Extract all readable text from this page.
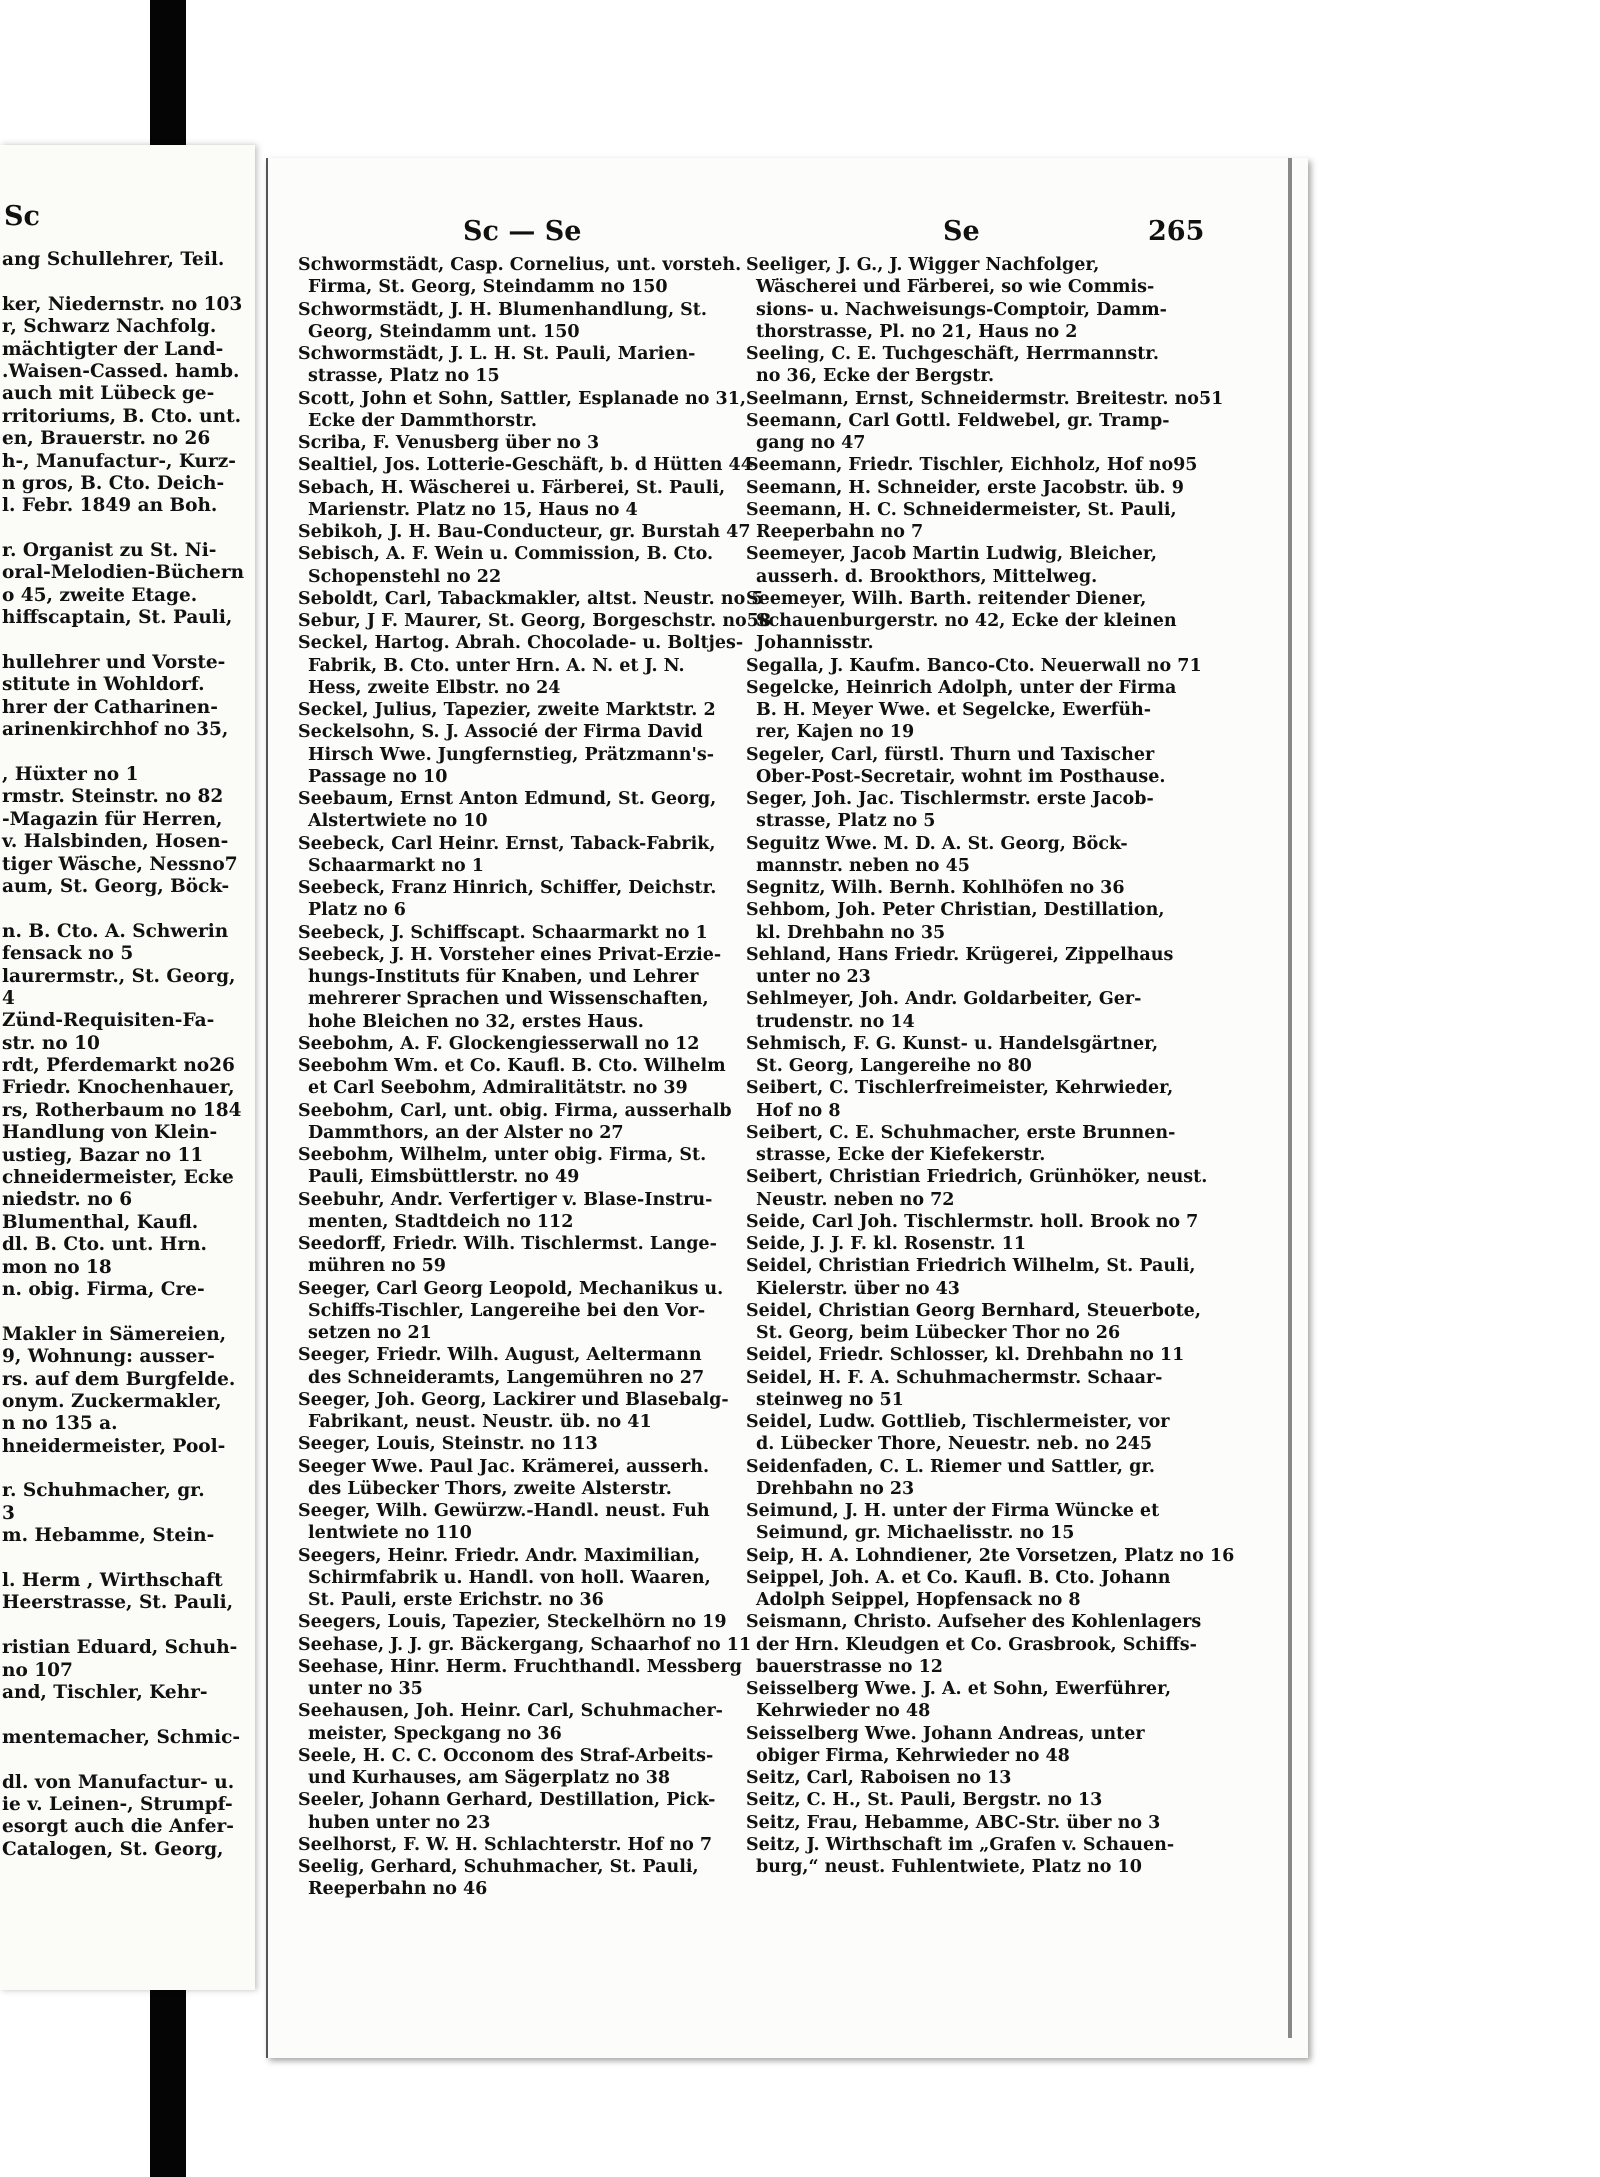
Sc
ang Schullehrer, Teil.
ker, Niedernstr. no 103
r, Schwarz Nachfolg.
mächtigter der Land-
.Waisen-Cassed. hamb.
auch mit Lübeck ge-
rritoriums, B. Cto. unt.
en, Brauerstr. no 26
h-, Manufactur-, Kurz-
n gros, B. Cto. Deich-
l. Febr. 1849 an Boh.
r. Organist zu St. Ni-
oral-Melodien-Büchern
o 45, zweite Etage.
hiffscaptain, St. Pauli,
hullehrer und Vorste-
stitute in Wohldorf.
hrer der Catharinen-
arinenkirchhof no 35,
, Hüxter no 1
rmstr. Steinstr. no 82
-Magazin für Herren,
v. Halsbinden, Hosen-
tiger Wäsche, Nessno7
aum, St. Georg, Böck-
n. B. Cto. A. Schwerin
fensack no 5
laurermstr., St. Georg,
4
Zünd-Requisiten-Fa-
str. no 10
rdt, Pferdemarkt no26
Friedr. Knochenhauer,
rs, Rotherbaum no 184
Handlung von Klein-
ustieg, Bazar no 11
chneidermeister, Ecke
niedstr. no 6
Blumenthal, Kaufl.
dl. B. Cto. unt. Hrn.
mon no 18
n. obig. Firma, Cre-
Makler in Sämereien,
9, Wohnung: ausser-
rs. auf dem Burgfelde.
onym. Zuckermakler,
n no 135 a.
hneidermeister, Pool-
r. Schuhmacher, gr.
3
m. Hebamme, Stein-
l. Herm , Wirthschaft
Heerstrasse, St. Pauli,
ristian Eduard, Schuh-
no 107
and, Tischler, Kehr-
mentemacher, Schmic-
dl. von Manufactur- u.
ie v. Leinen-, Strumpf-
esorgt auch die Anfer-
Catalogen, St. Georg,
Sc — Se	Se	265
Schwormstädt, Casp. Cornelius, unt. vorsteh.
Firma, St. Georg, Steindamm no 150
Schwormstädt, J. H. Blumenhandlung, St.
Georg, Steindamm unt. 150
Schwormstädt, J. L. H. St. Pauli, Marien-
strasse, Platz no 15
Scott, John et Sohn, Sattler, Esplanade no 31,
Ecke der Dammthorstr.
Scriba, F. Venusberg über no 3
Sealtiel, Jos. Lotterie-Geschäft, b. d Hütten 44
Sebach, H. Wäscherei u. Färberei, St. Pauli,
Marienstr. Platz no 15, Haus no 4
Sebikoh, J. H. Bau-Conducteur, gr. Burstah 47
Sebisch, A. F. Wein u. Commission, B. Cto.
Schopenstehl no 22
Seboldt, Carl, Tabackmakler, altst. Neustr. no 5
Sebur, J F. Maurer, St. Georg, Borgeschstr. no58
Seckel, Hartog. Abrah. Chocolade- u. Boltjes-
Fabrik, B. Cto. unter Hrn. A. N. et J. N.
Hess, zweite Elbstr. no 24
Seckel, Julius, Tapezier, zweite Marktstr. 2
Seckelsohn, S. J. Associé der Firma David
Hirsch Wwe. Jungfernstieg, Prätzmann's-
Passage no 10
Seebaum, Ernst Anton Edmund, St. Georg,
Alstertwiete no 10
Seebeck, Carl Heinr. Ernst, Taback-Fabrik,
Schaarmarkt no 1
Seebeck, Franz Hinrich, Schiffer, Deichstr.
Platz no 6
Seebeck, J. Schiffscapt. Schaarmarkt no 1
Seebeck, J. H. Vorsteher eines Privat-Erzie-
hungs-Instituts für Knaben, und Lehrer
mehrerer Sprachen und Wissenschaften,
hohe Bleichen no 32, erstes Haus.
Seebohm, A. F. Glockengiesserwall no 12
Seebohm Wm. et Co. Kaufl. B. Cto. Wilhelm
et Carl Seebohm, Admiralitätstr. no 39
Seebohm, Carl, unt. obig. Firma, ausserhalb
Dammthors, an der Alster no 27
Seebohm, Wilhelm, unter obig. Firma, St.
Pauli, Eimsbüttlerstr. no 49
Seebuhr, Andr. Verfertiger v. Blase-Instru-
menten, Stadtdeich no 112
Seedorff, Friedr. Wilh. Tischlermst. Lange-
mühren no 59
Seeger, Carl Georg Leopold, Mechanikus u.
Schiffs-Tischler, Langereihe bei den Vor-
setzen no 21
Seeger, Friedr. Wilh. August, Aeltermann
des Schneideramts, Langemühren no 27
Seeger, Joh. Georg, Lackirer und Blasebalg-
Fabrikant, neust. Neustr. üb. no 41
Seeger, Louis, Steinstr. no 113
Seeger Wwe. Paul Jac. Krämerei, ausserh.
des Lübecker Thors, zweite Alsterstr.
Seeger, Wilh. Gewürzw.-Handl. neust. Fuh
lentwiete no 110
Seegers, Heinr. Friedr. Andr. Maximilian,
Schirmfabrik u. Handl. von holl. Waaren,
St. Pauli, erste Erichstr. no 36
Seegers, Louis, Tapezier, Steckelhörn no 19
Seehase, J. J. gr. Bäckergang, Schaarhof no 11
Seehase, Hinr. Herm. Fruchthandl. Messberg
unter no 35
Seehausen, Joh. Heinr. Carl, Schuhmacher-
meister, Speckgang no 36
Seele, H. C. C. Occonom des Straf-Arbeits-
und Kurhauses, am Sägerplatz no 38
Seeler, Johann Gerhard, Destillation, Pick-
huben unter no 23
Seelhorst, F. W. H. Schlachterstr. Hof no 7
Seelig, Gerhard, Schuhmacher, St. Pauli,
Reeperbahn no 46
Seeliger, J. G., J. Wigger Nachfolger,
Wäscherei und Färberei, so wie Commis-
sions- u. Nachweisungs-Comptoir, Damm-
thorstrasse, Pl. no 21, Haus no 2
Seeling, C. E. Tuchgeschäft, Herrmannstr.
no 36, Ecke der Bergstr.
Seelmann, Ernst, Schneidermstr. Breitestr. no51
Seemann, Carl Gottl. Feldwebel, gr. Tramp-
gang no 47
Seemann, Friedr. Tischler, Eichholz, Hof no95
Seemann, H. Schneider, erste Jacobstr. üb. 9
Seemann, H. C. Schneidermeister, St. Pauli,
Reeperbahn no 7
Seemeyer, Jacob Martin Ludwig, Bleicher,
ausserh. d. Brookthors, Mittelweg.
Seemeyer, Wilh. Barth. reitender Diener,
Schauenburgerstr. no 42, Ecke der kleinen
Johannisstr.
Segalla, J. Kaufm. Banco-Cto. Neuerwall no 71
Segelcke, Heinrich Adolph, unter der Firma
B. H. Meyer Wwe. et Segelcke, Ewerfüh-
rer, Kajen no 19
Segeler, Carl, fürstl. Thurn und Taxischer
Ober-Post-Secretair, wohnt im Posthause.
Seger, Joh. Jac. Tischlermstr. erste Jacob-
strasse, Platz no 5
Seguitz Wwe. M. D. A. St. Georg, Böck-
mannstr. neben no 45
Segnitz, Wilh. Bernh. Kohlhöfen no 36
Sehbom, Joh. Peter Christian, Destillation,
kl. Drehbahn no 35
Sehland, Hans Friedr. Krügerei, Zippelhaus
unter no 23
Sehlmeyer, Joh. Andr. Goldarbeiter, Ger-
trudenstr. no 14
Sehmisch, F. G. Kunst- u. Handelsgärtner,
St. Georg, Langereihe no 80
Seibert, C. Tischlerfreimeister, Kehrwieder,
Hof no 8
Seibert, C. E. Schuhmacher, erste Brunnen-
strasse, Ecke der Kiefekerstr.
Seibert, Christian Friedrich, Grünhöker, neust.
Neustr. neben no 72
Seide, Carl Joh. Tischlermstr. holl. Brook no 7
Seide, J. J. F. kl. Rosenstr. 11
Seidel, Christian Friedrich Wilhelm, St. Pauli,
Kielerstr. über no 43
Seidel, Christian Georg Bernhard, Steuerbote,
St. Georg, beim Lübecker Thor no 26
Seidel, Friedr. Schlosser, kl. Drehbahn no 11
Seidel, H. F. A. Schuhmachermstr. Schaar-
steinweg no 51
Seidel, Ludw. Gottlieb, Tischlermeister, vor
d. Lübecker Thore, Neuestr. neb. no 245
Seidenfaden, C. L. Riemer und Sattler, gr.
Drehbahn no 23
Seimund, J. H. unter der Firma Wüncke et
Seimund, gr. Michaelisstr. no 15
Seip, H. A. Lohndiener, 2te Vorsetzen, Platz no 16
Seippel, Joh. A. et Co. Kaufl. B. Cto. Johann
Adolph Seippel, Hopfensack no 8
Seismann, Christo. Aufseher des Kohlenlagers
der Hrn. Kleudgen et Co. Grasbrook, Schiffs-
bauerstrasse no 12
Seisselberg Wwe. J. A. et Sohn, Ewerführer,
Kehrwieder no 48
Seisselberg Wwe. Johann Andreas, unter
obiger Firma, Kehrwieder no 48
Seitz, Carl, Raboisen no 13
Seitz, C. H., St. Pauli, Bergstr. no 13
Seitz, Frau, Hebamme, ABC-Str. über no 3
Seitz, J. Wirthschaft im „Grafen v. Schauen-
burg,“ neust. Fuhlentwiete, Platz no 10
